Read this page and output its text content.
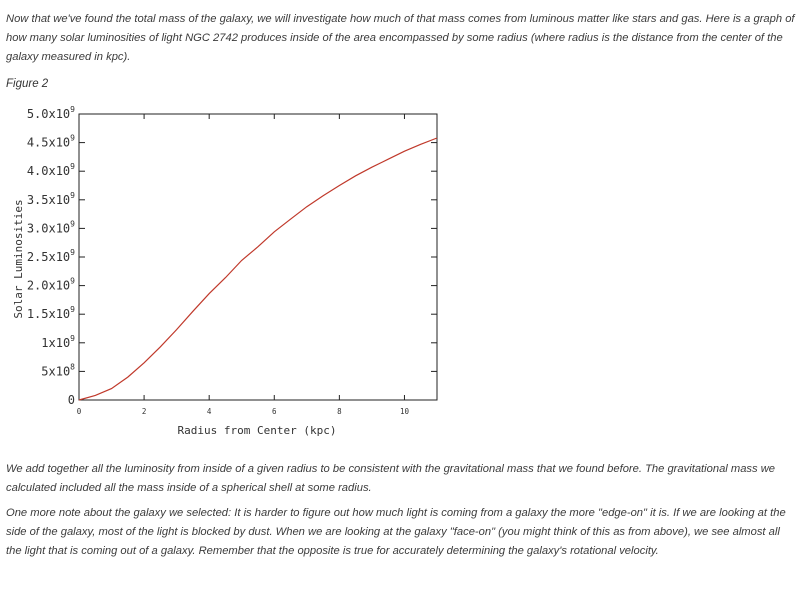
Now that we've found the total mass of the galaxy, we will investigate how much of that mass comes from luminous matter like stars and gas. Here is a graph of how many solar luminosities of light NGC 2742 produces inside of the area encompassed by some radius (where radius is the distance from the center of the galaxy measured in kpc).

Figure 2

0
$5x10^8$
$1x10^9$
$1.5x10^9$
$2.0x10^9$
$2.5x10^9$
$3.0x10^9$
$3.5x10^9$
$4.0x10^9$
$4.5x10^9$
$5.0x10^9$
0	2	4	6	8	10
Radius from Center (kpc)
Solar Luminosities

We add together all the luminosity from inside of a given radius to be consistent with the gravitational mass that we found before. The gravitational mass we calculated included all the mass inside of a spherical shell at some radius.

One more note about the galaxy we selected: It is harder to figure out how much light is coming from a galaxy the more "edge-on" it is. If we are looking at the side of the galaxy, most of the light is blocked by dust. When we are looking at the galaxy "face-on" (you might think of this as from above), we see almost all the light that is coming out of a galaxy. Remember that the opposite is true for accurately determining the galaxy's rotational velocity.
